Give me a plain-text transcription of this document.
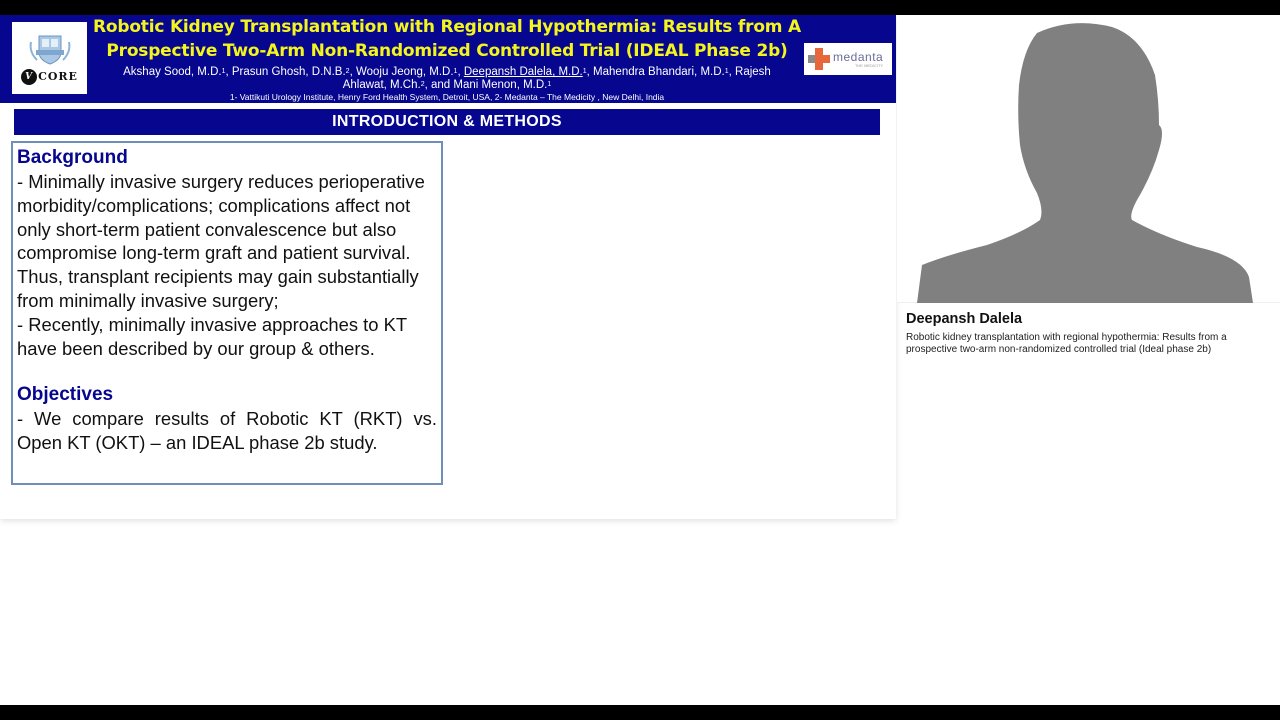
V CORE
Robotic Kidney Transplantation with Regional Hypothermia: Results from A
Prospective Two-Arm Non-Randomized Controlled Trial (IDEAL Phase 2b)
Akshay Sood, M.D.$^1$, Prasun Ghosh, D.N.B.$^2$, Wooju Jeong, M.D.$^1$, Deepansh Dalela, M.D.$^1$, Mahendra Bhandari, M.D.$^1$, Rajesh
Ahlawat, M.Ch.$^2$, and Mani Menon, M.D.$^1$
1- Vattikuti Urology Institute, Henry Ford Health System, Detroit, USA, 2- Medanta – The Medicity , New Delhi, India
medanta
THE MEDICITY
INTRODUCTION & METHODS
Background

- Minimally invasive surgery reduces perioperative morbidity/complications; complications affect not only short-term patient convalescence but also compromise long-term graft and patient survival. Thus, transplant recipients may gain substantially from minimally invasive surgery;

- Recently, minimally invasive approaches to KT have been described by our group & others.

Objectives

- We compare results of Robotic KT (RKT) vs. Open KT (OKT) – an IDEAL phase 2b study.

Deepansh Dalela
Robotic kidney transplantation with regional hypothermia: Results from a prospective two-arm non-randomized controlled trial (Ideal phase 2b)
